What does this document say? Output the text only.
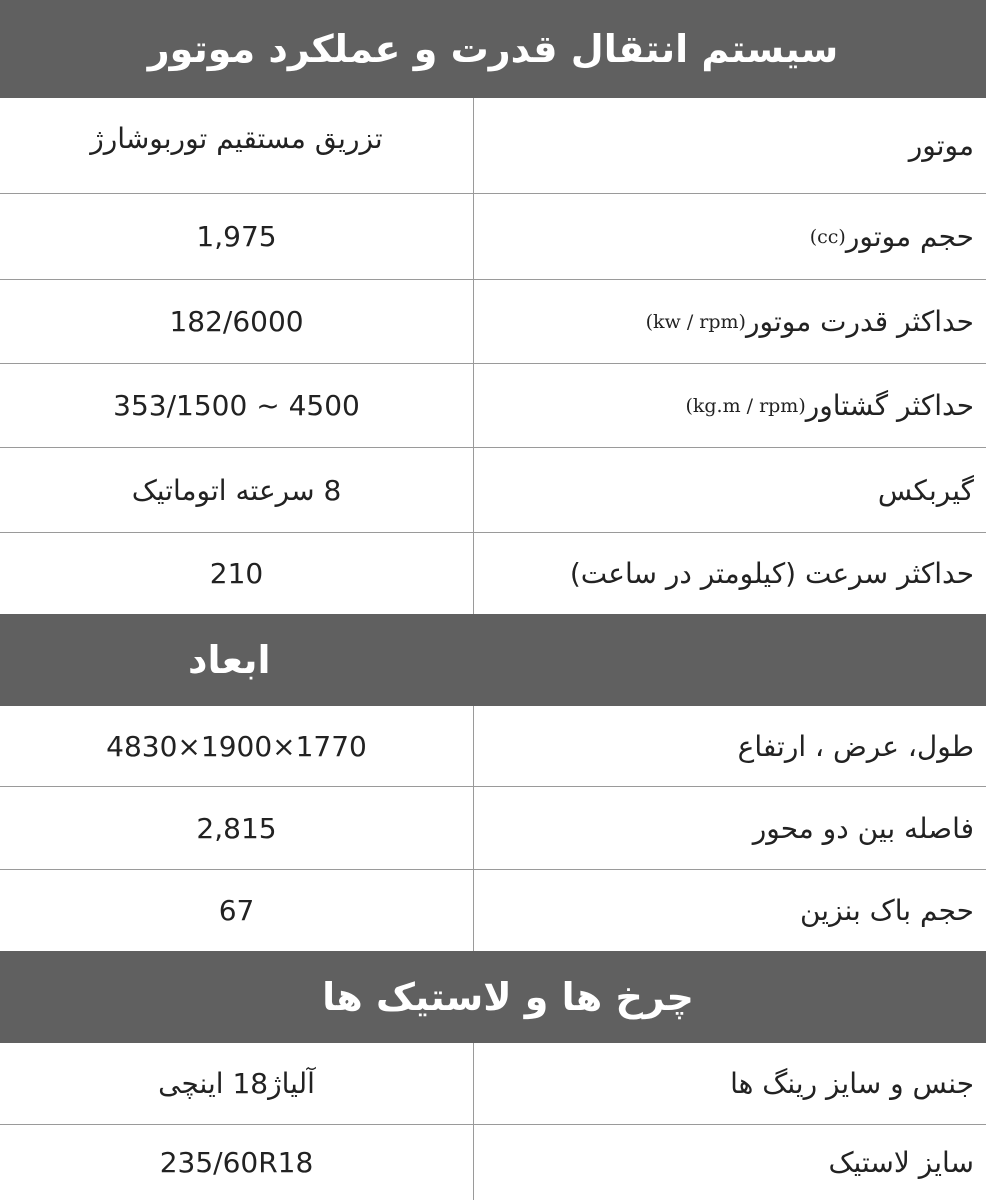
سیستم انتقال قدرت و عملکرد موتور
موتور
تزریق مستقیم توربوشارژ
حجم موتور
(cc)
1,975
حداکثر قدرت موتور
(kw / rpm)
182/6000
حداکثر گشتاور
(kg.m / rpm)
353/1500 ~ 4500
گیربکس
8 سرعته اتوماتیک
حداکثر سرعت (کیلومتر در ساعت)
210
ابعاد
طول، عرض ، ارتفاع
4830×1900×1770
فاصله بین دو محور
2,815
حجم باک بنزین
67
چرخ ها و لاستیک ها
جنس و سایز رینگ ها
آلیاژ18 اینچی
سایز لاستیک
235/60R18
